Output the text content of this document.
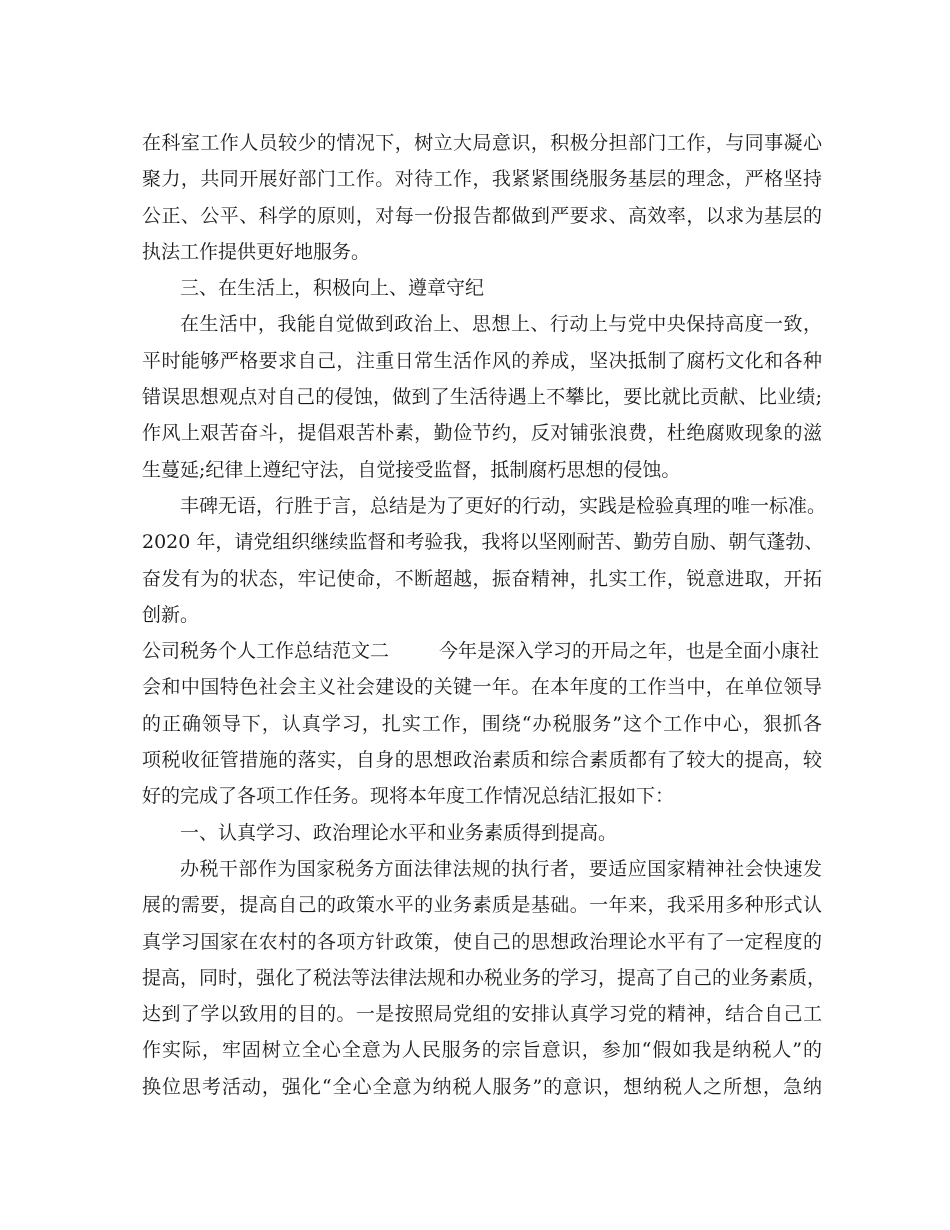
在科室工作人员较少的情况下，树立大局意识，积极分担部门工作，与同事凝心
聚力，共同开展好部门工作。对待工作，我紧紧围绕服务基层的理念，严格坚持
公正、公平、科学的原则，对每一份报告都做到严要求、高效率，以求为基层的
执法工作提供更好地服务。
三、在生活上，积极向上、遵章守纪
在生活中，我能自觉做到政治上、思想上、行动上与党中央保持高度一致，
平时能够严格要求自己，注重日常生活作风的养成，坚决抵制了腐朽文化和各种
错误思想观点对自己的侵蚀，做到了生活待遇上不攀比，要比就比贡献、比业绩;
作风上艰苦奋斗，提倡艰苦朴素，勤俭节约，反对铺张浪费，杜绝腐败现象的滋
生蔓延;纪律上遵纪守法，自觉接受监督，抵制腐朽思想的侵蚀。
丰碑无语，行胜于言，总结是为了更好的行动，实践是检验真理的唯一标准。
2020 年，请党组织继续监督和考验我，我将以坚刚耐苦、勤劳自励、朝气蓬勃、
奋发有为的状态，牢记使命，不断超越，振奋精神，扎实工作，锐意进取，开拓
创新。
公司税务个人工作总结范文二	今年是深入学习的开局之年，也是全面小康社
会和中国特色社会主义社会建设的关键一年。在本年度的工作当中，在单位领导
的正确领导下，认真学习，扎实工作，围绕“办税服务”这个工作中心，狠抓各
项税收征管措施的落实，自身的思想政治素质和综合素质都有了较大的提高，较
好的完成了各项工作任务。现将本年度工作情况总结汇报如下：
一、认真学习、政治理论水平和业务素质得到提高。
办税干部作为国家税务方面法律法规的执行者，要适应国家精神社会快速发
展的需要，提高自己的政策水平的业务素质是基础。一年来，我采用多种形式认
真学习国家在农村的各项方针政策，使自己的思想政治理论水平有了一定程度的
提高，同时，强化了税法等法律法规和办税业务的学习，提高了自己的业务素质，
达到了学以致用的目的。一是按照局党组的安排认真学习党的精神，结合自己工
作实际，牢固树立全心全意为人民服务的宗旨意识，参加“假如我是纳税人”的
换位思考活动，强化“全心全意为纳税人服务”的意识，想纳税人之所想，急纳
